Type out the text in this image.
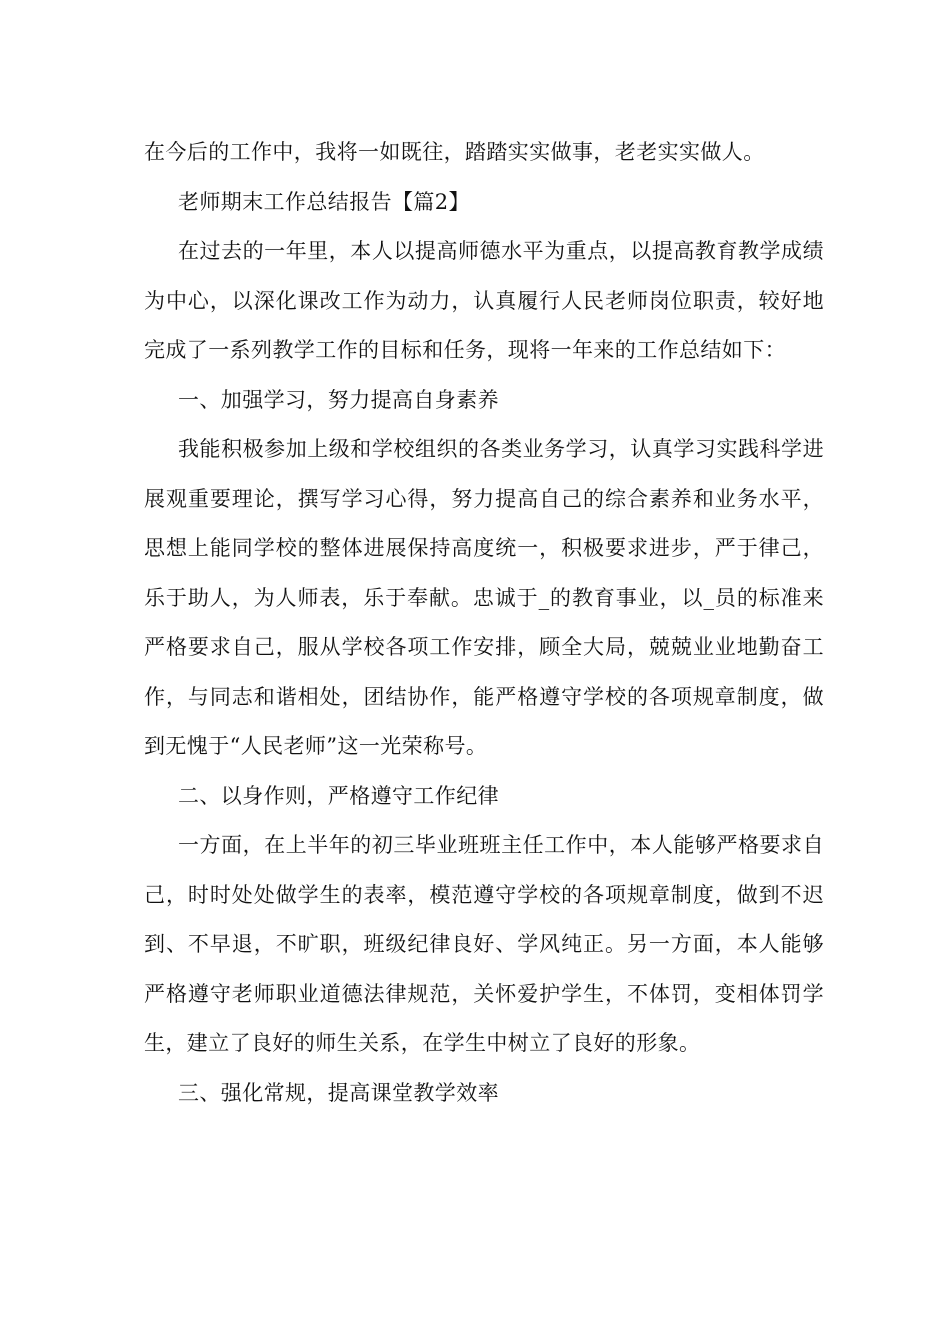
在今后的工作中，我将一如既往，踏踏实实做事，老老实实做人。

老师期末工作总结报告【篇2】

在过去的一年里，本人以提高师德水平为重点，以提高教育教学成绩为中心，以深化课改工作为动力，认真履行人民老师岗位职责，较好地完成了一系列教学工作的目标和任务，现将一年来的工作总结如下：

一、加强学习，努力提高自身素养

我能积极参加上级和学校组织的各类业务学习，认真学习实践科学进展观重要理论，撰写学习心得，努力提高自己的综合素养和业务水平，思想上能同学校的整体进展保持高度统一，积极要求进步，严于律己，乐于助人，为人师表，乐于奉献。忠诚于_的教育事业，以_员的标准来严格要求自己，服从学校各项工作安排，顾全大局，兢兢业业地勤奋工作，与同志和谐相处，团结协作，能严格遵守学校的各项规章制度，做到无愧于“人民老师”这一光荣称号。

二、以身作则，严格遵守工作纪律

一方面，在上半年的初三毕业班班主任工作中，本人能够严格要求自己，时时处处做学生的表率，模范遵守学校的各项规章制度，做到不迟到、不早退，不旷职，班级纪律良好、学风纯正。另一方面，本人能够严格遵守老师职业道德法律规范，关怀爱护学生，不体罚，变相体罚学生，建立了良好的师生关系，在学生中树立了良好的形象。

三、强化常规，提高课堂教学效率
